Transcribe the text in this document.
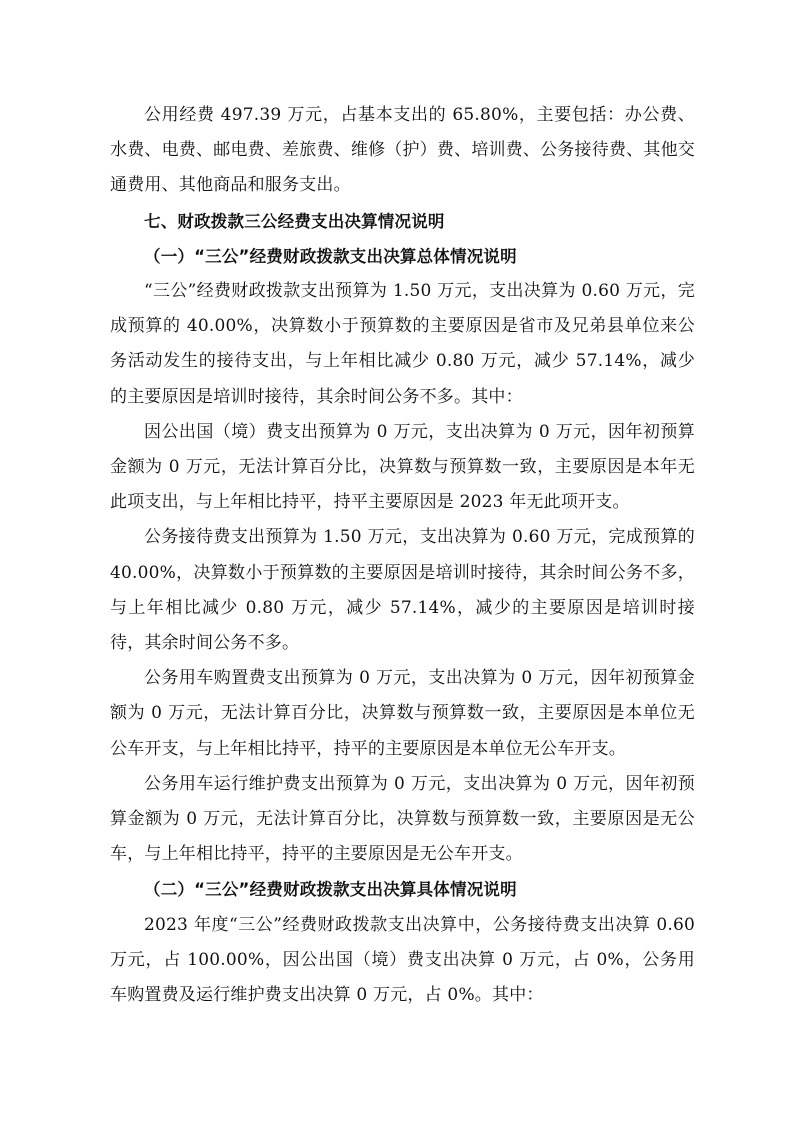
公用经费 497.39 万元，占基本支出的 65.80%，主要包括：办公费、水费、电费、邮电费、差旅费、维修（护）费、培训费、公务接待费、其他交通费用、其他商品和服务支出。

七、财政拨款三公经费支出决算情况说明
（一）“三公”经费财政拨款支出决算总体情况说明

“三公”经费财政拨款支出预算为 1.50 万元，支出决算为 0.60 万元，完成预算的 40.00%，决算数小于预算数的主要原因是省市及兄弟县单位来公务活动发生的接待支出，与上年相比减少 0.80 万元，减少 57.14%，减少的主要原因是培训时接待，其余时间公务不多。其中：

因公出国（境）费支出预算为 0 万元，支出决算为 0 万元，因年初预算金额为 0 万元，无法计算百分比，决算数与预算数一致，主要原因是本年无此项支出，与上年相比持平，持平主要原因是 2023 年无此项开支。

公务接待费支出预算为 1.50 万元，支出决算为 0.60 万元，完成预算的 40.00%，决算数小于预算数的主要原因是培训时接待，其余时间公务不多，与上年相比减少 0.80 万元，减少 57.14%，减少的主要原因是培训时接待，其余时间公务不多。

公务用车购置费支出预算为 0 万元，支出决算为 0 万元，因年初预算金额为 0 万元，无法计算百分比，决算数与预算数一致，主要原因是本单位无公车开支，与上年相比持平，持平的主要原因是本单位无公车开支。

公务用车运行维护费支出预算为 0 万元，支出决算为 0 万元，因年初预算金额为 0 万元，无法计算百分比，决算数与预算数一致，主要原因是无公车，与上年相比持平，持平的主要原因是无公车开支。

（二）“三公”经费财政拨款支出决算具体情况说明

2023 年度“三公”经费财政拨款支出决算中，公务接待费支出决算 0.60 万元，占 100.00%，因公出国（境）费支出决算 0 万元，占 0%，公务用车购置费及运行维护费支出决算 0 万元，占 0%。其中：
